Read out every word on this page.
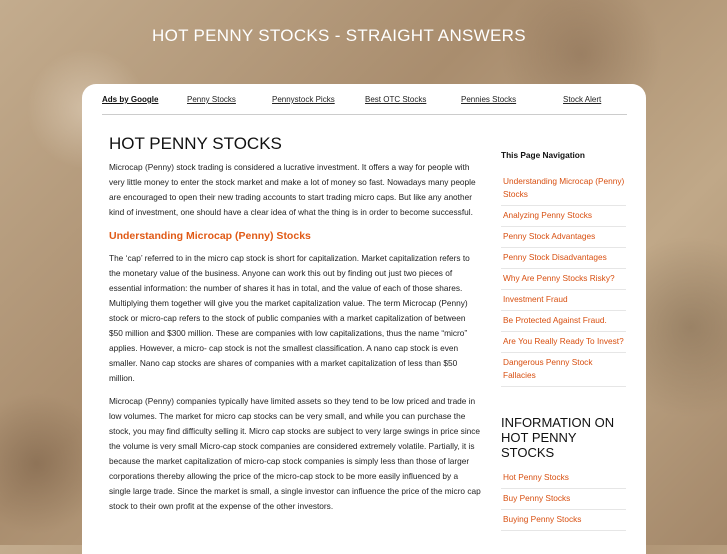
HOT PENNY STOCKS - STRAIGHT ANSWERS
Ads by Google	Penny Stocks	Pennystock Picks	Best OTC Stocks	Pennies Stocks	Stock Alert
HOT PENNY STOCKS

Microcap (Penny) stock trading is considered a lucrative investment. It offers a way for people with very little money to enter the stock market and make a lot of money so fast. Nowadays many people are encouraged to open their new trading accounts to start trading micro caps. But like any another kind of investment, one should have a clear idea of what the thing is in order to become successful.

Understanding Microcap (Penny) Stocks

The ‘cap’ referred to in the micro cap stock is short for capitalization. Market capitalization refers to the monetary value of the business. Anyone can work this out by finding out just two pieces of essential information: the number of shares it has in total, and the value of each of those shares. Multiplying them together will give you the market capitalization value. The term Microcap (Penny) stock or micro-cap refers to the stock of public companies with a market capitalization of between $50 million and $300 million. These are companies with low capitalizations, thus the name “micro” applies. However, a micro- cap stock is not the smallest classification. A nano cap stock is even smaller. Nano cap stocks are shares of companies with a market capitalization of less than $50 million.

Microcap (Penny) companies typically have limited assets so they tend to be low priced and trade in low volumes. The market for micro cap stocks can be very small, and while you can purchase the stock, you may find difficulty selling it. Micro cap stocks are subject to very large swings in price since the volume is very small Micro-cap stock companies are considered extremely volatile. Partially, it is because the market capitalization of micro-cap stock companies is simply less than those of larger corporations thereby allowing the price of the micro-cap stock to be more easily influenced by a single large trade. Since the market is small, a single investor can influence the price of the micro cap stock to their own profit at the expense of the other investors.

This Page Navigation
Understanding Microcap (Penny) Stocks
Analyzing Penny Stocks
Penny Stock Advantages
Penny Stock Disadvantages
Why Are Penny Stocks Risky?
Investment Fraud
Be Protected Against Fraud.
Are You Really Ready To Invest?
Dangerous Penny Stock Fallacies
INFORMATION ON HOT PENNY STOCKS
Hot Penny Stocks
Buy Penny Stocks
Buying Penny Stocks
